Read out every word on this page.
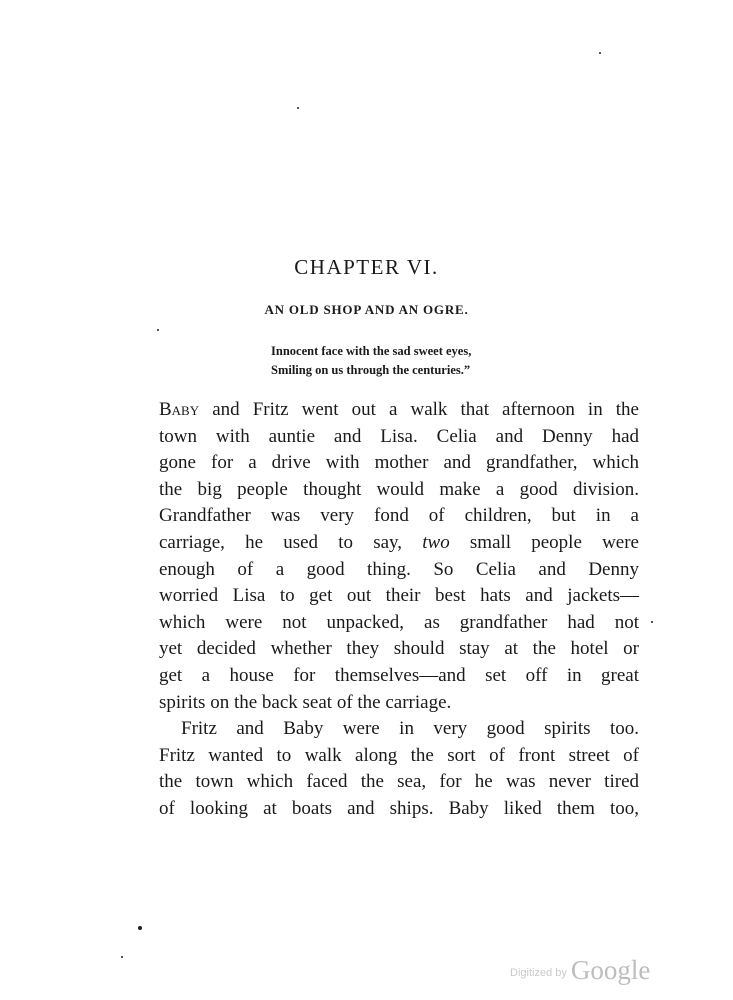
CHAPTER VI.
AN OLD SHOP AND AN OGRE.
Innocent face with the sad sweet eyes,
Smiling on us through the centuries.”
Baby and Fritz went out a walk that afternoon in the
town with auntie and Lisa. Celia and Denny had
gone for a drive with mother and grandfather, which
the big people thought would make a good division.
Grandfather was very fond of children, but in a
carriage, he used to say, two small people were
enough of a good thing. So Celia and Denny
worried Lisa to get out their best hats and jackets—
which were not unpacked, as grandfather had not
yet decided whether they should stay at the hotel or
get a house for themselves—and set off in great
spirits on the back seat of the carriage.
Fritz and Baby were in very good spirits too.
Fritz wanted to walk along the sort of front street of
the town which faced the sea, for he was never tired
of looking at boats and ships. Baby liked them too,
Digitized by Google
